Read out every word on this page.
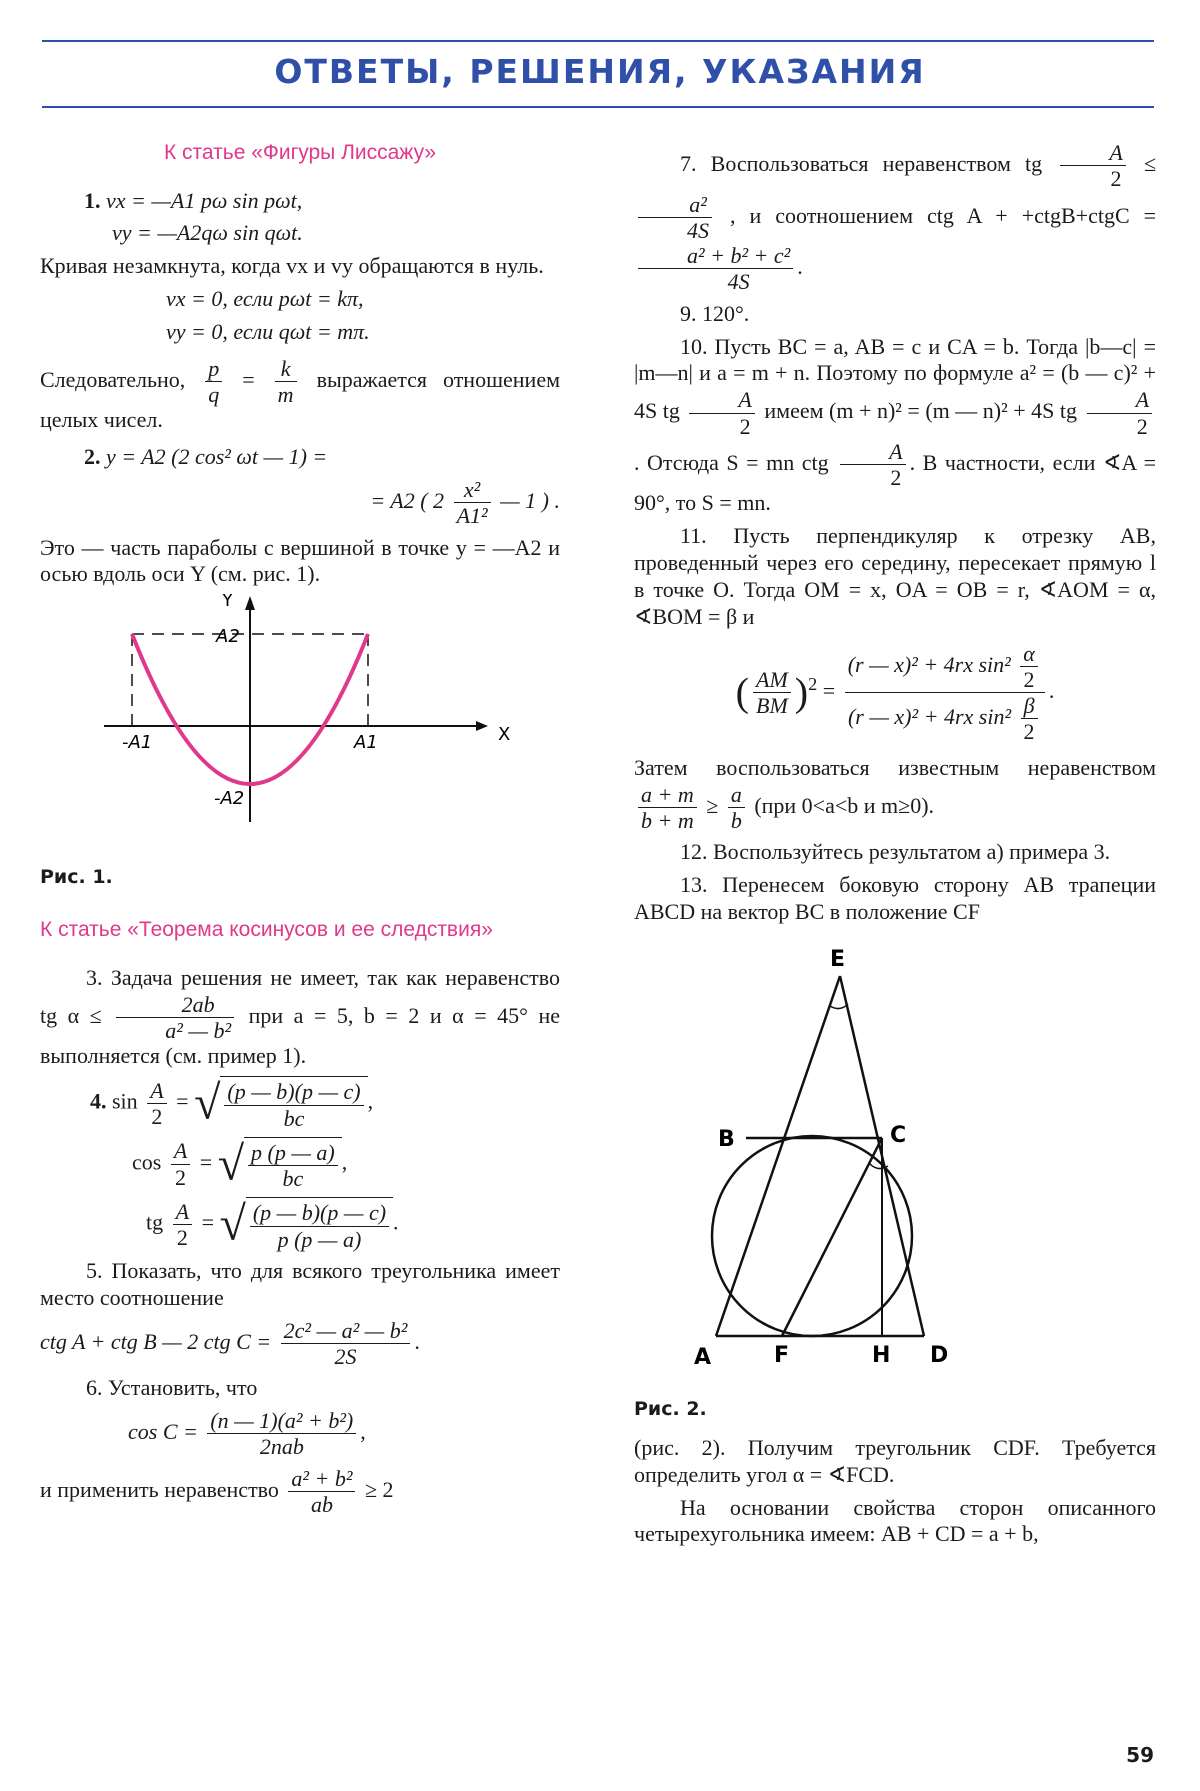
ОТВЕТЫ, РЕШЕНИЯ, УКАЗАНИЯ
К статье «Фигуры Лиссажу»
1. vx = —A1 pω sin pωt,
vy = —A2qω sin qωt.

Кривая незамкнута, когда vx и vy обращаются в нуль.

vx = 0, если pωt = kπ,
vy = 0, если qωt = mπ.

Следовательно, $\frac{p}{q} = \frac{k}{m}$ выражается отношением целых чисел.

2. y = A2 (2 cos² ωt — 1) =
= A2 ( $2 \frac{\text{x²}}{\text{A1²}}$ — 1 ) .

Это — часть параболы с вершиной в точке y = —A2 и осью вдоль оси Y (см. рис. 1).

Y
X
A2
-A1	A1
-A2
Рис. 1.
К статье «Теорема косинусов и ее следствия»

3. Задача решения не имеет, так как неравенство tg $\alpha \le \frac{2ab}{\text{a² — b²}}$ при a = 5, b = 2 и α = 45° не выполняется (см. пример 1).

4. $\sin \frac{A}{2}$ = √ $\frac{(p — b)(p — c)}{bc}$ ,
$\cos \frac{A}{2}$ = √ $\frac{p (p — a)}{bc}$ ,
tg $\frac{A}{2}$ = √ $\frac{(p — b)(p — c)}{p (p — a)}$ .

5. Показать, что для всякого треугольника имеет место соотношение

ctg A + ctg B — 2 ctg $C = \frac{\text{2c² — a² — b²}}{2S}$ .

6. Установить, что

$\cos C = \frac{\text{(n — 1)(a² + b²)}}{\text{2nab}}$ ,

и применить неравенство $\frac{\text{a² + b²}}{ab} \ge 2$

7. Воспользоваться неравенством tg $\frac{A}{2}$ ≤
$\frac{\text{a²}}{4S}$ , и соотношением ctg A + +ctgB+ctgC =
$\frac{\text{a² + b² + c²}}{4S}$ .

9. 120°.

10. Пусть BC = a, AB = c и CA = b. Тогда |b—c| = |m—n| и a = m + n. Поэтому по формуле a² = (b — c)² + 4S tg $\frac{A}{2}$ имеем (m + n)² = (m — n)² + 4S tg $\frac{A}{2}$
. Отсюда S = mn ctg $\frac{A}{2}$ . В частности, если ∢A = 90°, то S = mn.

11. Пусть перпендикуляр к отрезку AB, проведенный через его середину, пересекает прямую l в точке O. Тогда OM = x, OA = OB = r, ∢AOM = α, ∢BOM = β и

( $\frac{AM}{BM} )^2 = \frac{(r — x)^2 + 4rx \sin^2 \frac{\alpha}{2}}{(r — x)^2 + 4rx \sin^2 \frac{\beta}{2}}$ .

Затем воспользоваться известным неравенством
$\frac{a + m}{b + m} \ge \frac{a}{b} (при$ 0<a<b и m≥0).

12. Воспользуйтесь результатом а) примера 3.

13. Перенесем боковую сторону AB трапеции ABCD на вектор BC в положение CF

E
B	C
A	F	H D
Рис. 2.

(рис. 2). Получим треугольник CDF. Требуется определить угол α = ∢FCD.

На основании свойства сторон описанного четырехугольника имеем: AB + CD = a + b,

59
